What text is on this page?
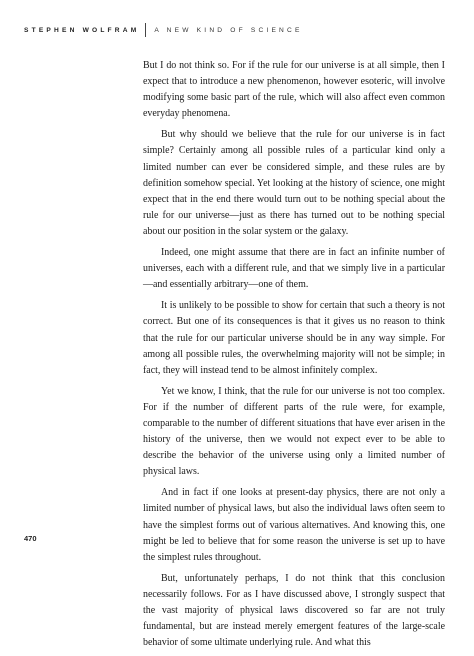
STEPHEN WOLFRAM A NEW KIND OF SCIENCE

But I do not think so. For if the rule for our universe is at all simple, then I expect that to introduce a new phenomenon, however esoteric, will involve modifying some basic part of the rule, which will also affect even common everyday phenomena.

But why should we believe that the rule for our universe is in fact simple? Certainly among all possible rules of a particular kind only a limited number can ever be considered simple, and these rules are by definition somehow special. Yet looking at the history of science, one might expect that in the end there would turn out to be nothing special about the rule for our universe—just as there has turned out to be nothing special about our position in the solar system or the galaxy.

Indeed, one might assume that there are in fact an infinite number of universes, each with a different rule, and that we simply live in a particular—and essentially arbitrary—one of them.

It is unlikely to be possible to show for certain that such a theory is not correct. But one of its consequences is that it gives us no reason to think that the rule for our particular universe should be in any way simple. For among all possible rules, the overwhelming majority will not be simple; in fact, they will instead tend to be almost infinitely complex.

Yet we know, I think, that the rule for our universe is not too complex. For if the number of different parts of the rule were, for example, comparable to the number of different situations that have ever arisen in the history of the universe, then we would not expect ever to be able to describe the behavior of the universe using only a limited number of physical laws.

And in fact if one looks at present-day physics, there are not only a limited number of physical laws, but also the individual laws often seem to have the simplest forms out of various alternatives. And knowing this, one might be led to believe that for some reason the universe is set up to have the simplest rules throughout.

But, unfortunately perhaps, I do not think that this conclusion necessarily follows. For as I have discussed above, I strongly suspect that the vast majority of physical laws discovered so far are not truly fundamental, but are instead merely emergent features of the large-scale behavior of some ultimate underlying rule. And what this

470
